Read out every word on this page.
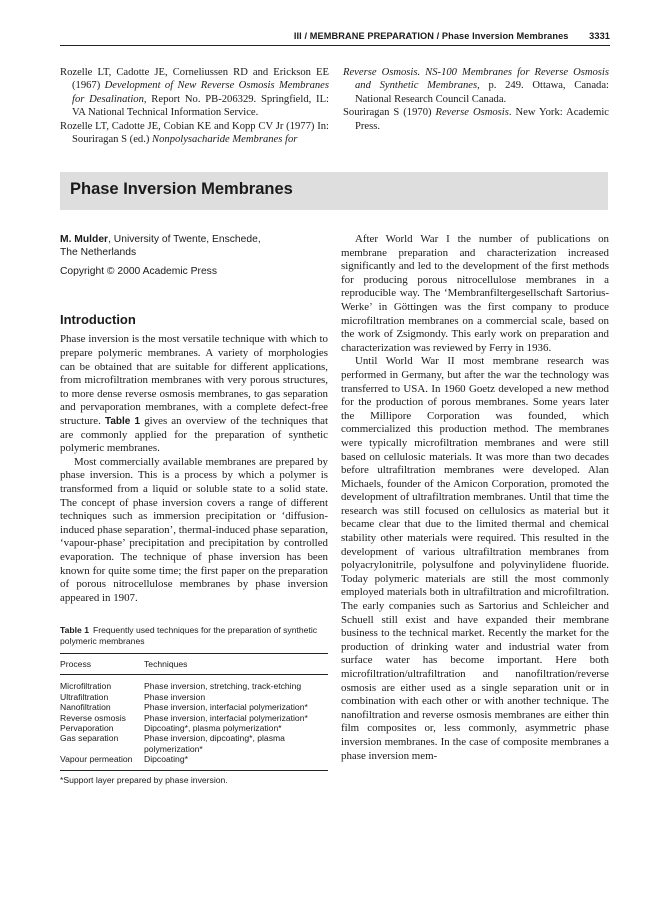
III / MEMBRANE PREPARATION / Phase Inversion Membranes 3331
Rozelle LT, Cadotte JE, Corneliussen RD and Erickson EE (1967) Development of New Reverse Osmosis Membranes for Desalination, Report No. PB-206329. Springfield, IL: VA National Technical Information Service.
Rozelle LT, Cadotte JE, Cobian KE and Kopp CV Jr (1977) In: Souriragan S (ed.) Nonpolysacharide Membranes for
Reverse Osmosis. NS-100 Membranes for Reverse Osmosis and Synthetic Membranes, p. 249. Ottawa, Canada: National Research Council Canada.
Souriragan S (1970) Reverse Osmosis. New York: Academic Press.
Phase Inversion Membranes
M. Mulder, University of Twente, Enschede,
The Netherlands
Copyright © 2000 Academic Press
Introduction

Phase inversion is the most versatile technique with which to prepare polymeric membranes. A variety of morphologies can be obtained that are suitable for different applications, from microfiltration membranes with very porous structures, to more dense reverse osmosis membranes, to gas separation and pervaporation membranes, with a complete defect-free structure. Table 1 gives an overview of the techniques that are commonly applied for the preparation of synthetic polymeric membranes.

Most commercially available membranes are prepared by phase inversion. This is a process by which a polymer is transformed from a liquid or soluble state to a solid state. The concept of phase inversion covers a range of different techniques such as immersion precipitation or ‘diffusion-induced phase separation’, thermal-induced phase separation, ‘vapour-phase’ precipitation and precipitation by controlled evaporation. The technique of phase inversion has been known for quite some time; the first paper on the preparation of porous nitrocellulose membranes by phase inversion appeared in 1907.

Table 1 Frequently used techniques for the preparation of synthetic polymeric membranes
Process	Techniques
Microfiltration	Phase inversion, stretching, track-etching
Ultrafiltration	Phase inversion
Nanofiltration	Phase inversion, interfacial polymerization*
Reverse osmosis	Phase inversion, interfacial polymerization*
Pervaporation	Dipcoating*, plasma polymerization*
Gas separation	Phase inversion, dipcoating*, plasma polymerization*
Vapour permeation	Dipcoating*
*Support layer prepared by phase inversion.

After World War I the number of publications on membrane preparation and characterization increased significantly and led to the development of the first methods for producing porous nitrocellulose membranes in a reproducible way. The ‘Membranfiltergesellschaft Sartorius-Werke’ in Göttingen was the first company to produce microfiltration membranes on a commercial scale, based on the work of Zsigmondy. This early work on preparation and characterization was reviewed by Ferry in 1936.

Until World War II most membrane research was performed in Germany, but after the war the technology was transferred to USA. In 1960 Goetz developed a new method for the production of porous membranes. Some years later the Millipore Corporation was founded, which commercialized this production method. The membranes were typically microfiltration membranes and were still based on cellulosic materials. It was more than two decades before ultrafiltration membranes were developed. Alan Michaels, founder of the Amicon Corporation, promoted the development of ultrafiltration membranes. Until that time the research was still focused on cellulosics as material but it became clear that due to the limited thermal and chemical stability other materials were required. This resulted in the development of various ultrafiltration membranes from polyacrylonitrile, polysulfone and polyvinylidene fluoride. Today polymeric materials are still the most commonly employed materials both in ultrafiltration and microfiltration. The early companies such as Sartorius and Schleicher and Schuell still exist and have expanded their membrane business to the technical market. Recently the market for the production of drinking water and industrial water from surface water has become important. Here both microfiltration/ultrafiltration and nanofiltration/reverse osmosis are either used as a single separation unit or in combination with each other or with another technique. The nanofiltration and reverse osmosis membranes are either thin film composites or, less commonly, asymmetric phase inversion membranes. In the case of composite membranes a phase inversion mem-
